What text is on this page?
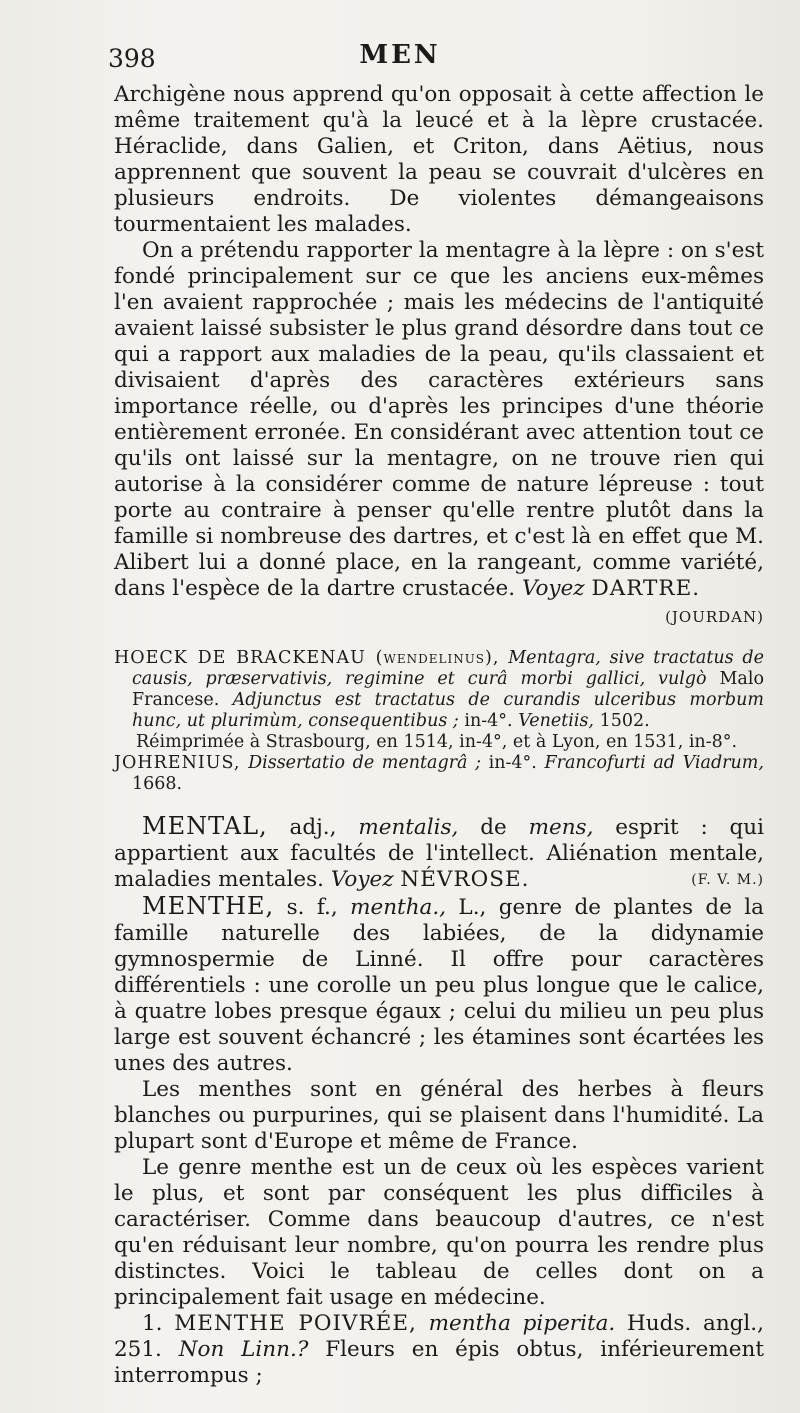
398	MEN

Archigène nous apprend qu'on opposait à cette affection le même traitement qu'à la leucé et à la lèpre crustacée. Héraclide, dans Galien, et Criton, dans Aëtius, nous apprennent que souvent la peau se couvrait d'ulcères en plusieurs endroits. De violentes démangeaisons tourmentaient les malades.

On a prétendu rapporter la mentagre à la lèpre : on s'est fondé principalement sur ce que les anciens eux-mêmes l'en avaient rapprochée ; mais les médecins de l'antiquité avaient laissé subsister le plus grand désordre dans tout ce qui a rapport aux maladies de la peau, qu'ils classaient et divisaient d'après des caractères extérieurs sans importance réelle, ou d'après les principes d'une théorie entièrement erronée. En considérant avec attention tout ce qu'ils ont laissé sur la mentagre, on ne trouve rien qui autorise à la considérer comme de nature lépreuse : tout porte au contraire à penser qu'elle rentre plutôt dans la famille si nombreuse des dartres, et c'est là en effet que M. Alibert lui a donné place, en la rangeant, comme variété, dans l'espèce de la dartre crustacée. Voyez DARTRE.

(JOURDAN)

HOECK DE BRACKENAU (wendelinus), Mentagra, sive tractatus de causis, præservativis, regimine et curâ morbi gallici, vulgò Malo Francese. Adjunctus est tractatus de curandis ulceribus morbum hunc, ut plurimùm, consequentibus ; in-4°. Venetiis, 1502.

Réimprimée à Strasbourg, en 1514, in-4°, et à Lyon, en 1531, in-8°.

JOHRENIUS, Dissertatio de mentagrâ ; in-4°. Francofurti ad Viadrum, 1668.

MENTAL, adj., mentalis, de mens, esprit : qui appartient aux facultés de l'intellect. Aliénation mentale, maladies mentales. Voyez NÉVROSE.	(F. V. M.)

MENTHE, s. f., mentha., L., genre de plantes de la famille naturelle des labiées, de la didynamie gymnospermie de Linné. Il offre pour caractères différentiels : une corolle un peu plus longue que le calice, à quatre lobes presque égaux ; celui du milieu un peu plus large est souvent échancré ; les étamines sont écartées les unes des autres.

Les menthes sont en général des herbes à fleurs blanches ou purpurines, qui se plaisent dans l'humidité. La plupart sont d'Europe et même de France.

Le genre menthe est un de ceux où les espèces varient le plus, et sont par conséquent les plus difficiles à caractériser. Comme dans beaucoup d'autres, ce n'est qu'en réduisant leur nombre, qu'on pourra les rendre plus distinctes. Voici le tableau de celles dont on a principalement fait usage en médecine.

1. MENTHE POIVRÉE, mentha piperita. Huds. angl., 251. Non Linn.? Fleurs en épis obtus, inférieurement interrompus ;
